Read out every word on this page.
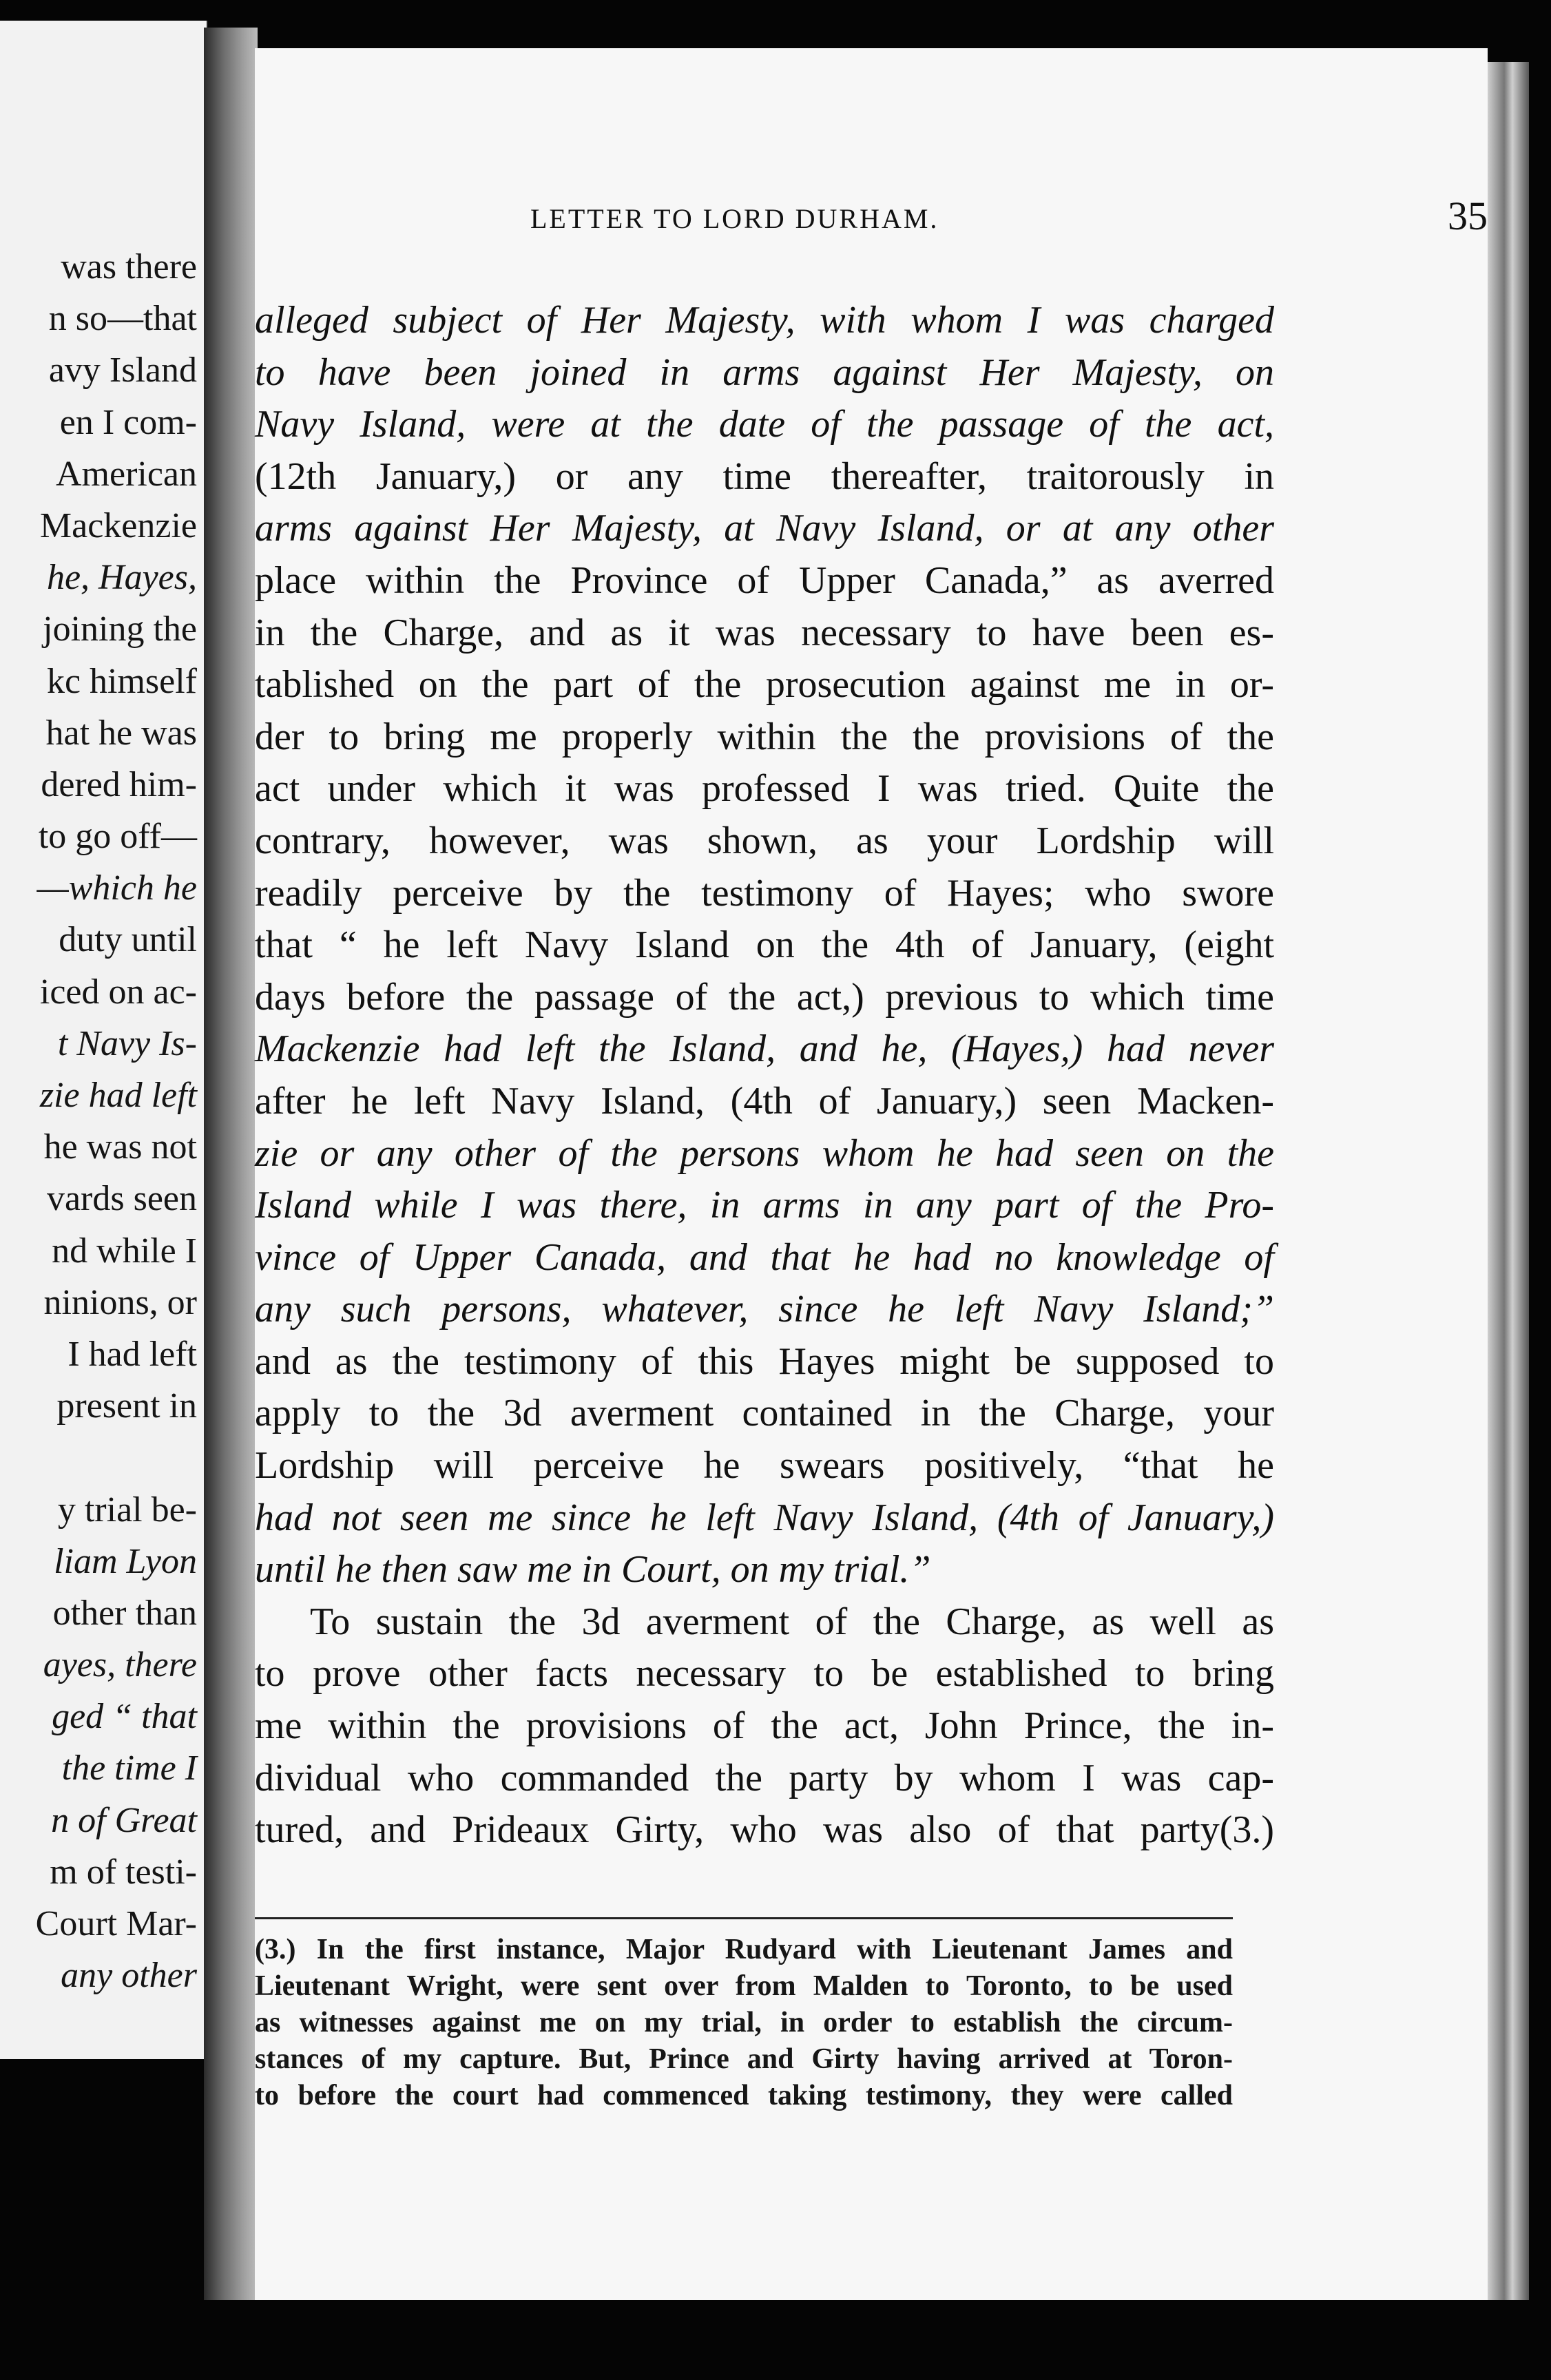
was there
n so—that
avy Island
en I com-
American
Mackenzie
he, Hayes,
joining the
kc himself
hat he was
dered him-
to go off—
—which he
duty until
iced on ac-
t Navy Is-
zie had left
he was not
vards seen
nd while I
ninions, or
I had left
present in
y trial be-
liam Lyon
other than
ayes, there
ged “ that
the time I
n of Great
m of testi-
Court Mar-
any other
LETTER TO LORD DURHAM.	35
alleged subject of Her Majesty, with whom I was charged
to have been joined in arms against Her Majesty, on
Navy Island, were at the date of the passage of the act,
(12th January,) or any time thereafter, traitorously in
arms against Her Majesty, at Navy Island, or at any other
place within the Province of Upper Canada,” as averred
in the Charge, and as it was necessary to have been es-
tablished on the part of the prosecution against me in or-
der to bring me properly within the the provisions of the
act under which it was professed I was tried. Quite the
contrary, however, was shown, as your Lordship will
readily perceive by the testimony of Hayes; who swore
that “ he left Navy Island on the 4th of January, (eight
days before the passage of the act,) previous to which time
Mackenzie had left the Island, and he, (Hayes,) had never
after he left Navy Island, (4th of January,) seen Macken-
zie or any other of the persons whom he had seen on the
Island while I was there, in arms in any part of the Pro-
vince of Upper Canada, and that he had no knowledge of
any such persons, whatever, since he left Navy Island;”
and as the testimony of this Hayes might be supposed to
apply to the 3d averment contained in the Charge, your
Lordship will perceive he swears positively, “that he
had not seen me since he left Navy Island, (4th of January,)
until he then saw me in Court, on my trial.”
To sustain the 3d averment of the Charge, as well as
to prove other facts necessary to be established to bring
me within the provisions of the act, John Prince, the in-
dividual who commanded the party by whom I was cap-
tured, and Prideaux Girty, who was also of that party(3.)
(3.) In the first instance, Major Rudyard with Lieutenant James and
Lieutenant Wright, were sent over from Malden to Toronto, to be used
as witnesses against me on my trial, in order to establish the circum-
stances of my capture. But, Prince and Girty having arrived at Toron-
to before the court had commenced taking testimony, they were called
